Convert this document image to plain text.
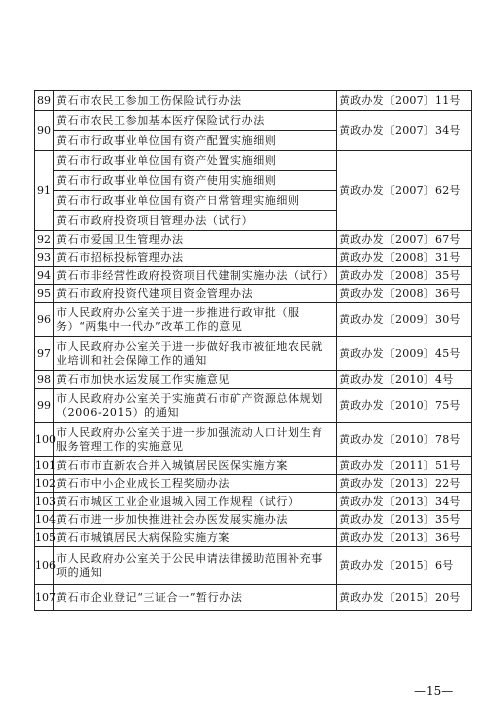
89	黄石市农民工参加工伤保险试行办法	黄政办发〔2007〕11号
90	黄石市农民工参加基本医疗保险试行办法	黄政办发〔2007〕34号
	黄石市行政事业单位国有资产配置实施细则	
91	黄石市行政事业单位国有资产处置实施细则	黄政办发〔2007〕62号
	黄石市行政事业单位国有资产使用实施细则	
	黄石市行政事业单位国有资产日常管理实施细则	
	黄石市政府投资项目管理办法（试行）	
92	黄石市爱国卫生管理办法	黄政办发〔2007〕67号
93	黄石市招标投标管理办法	黄政办发〔2008〕31号
94	黄石市非经营性政府投资项目代建制实施办法（试行）	黄政办发〔2008〕35号
95	黄石市政府投资代建项目资金管理办法	黄政办发〔2008〕36号
96	市人民政府办公室关于进一步推进行政审批（服务）“两集中一代办”改革工作的意见	黄政办发〔2009〕30号
97	市人民政府办公室关于进一步做好我市被征地农民就业培训和社会保障工作的通知	黄政办发〔2009〕45号
98	黄石市加快水运发展工作实施意见	黄政办发〔2010〕4号
99	市人民政府办公室关于实施黄石市矿产资源总体规划（2006-2015）的通知	黄政办发〔2010〕75号
100	市人民政府办公室关于进一步加强流动人口计划生育服务管理工作的实施意见	黄政办发〔2010〕78号
101	黄石市市直新农合并入城镇居民医保实施方案	黄政办发〔2011〕51号
102	黄石市中小企业成长工程奖励办法	黄政办发〔2013〕22号
103	黄石市城区工业企业退城入园工作规程（试行）	黄政办发〔2013〕34号
104	黄石市进一步加快推进社会办医发展实施办法	黄政办发〔2013〕35号
105	黄石市城镇居民大病保险实施方案	黄政办发〔2013〕36号
106	市人民政府办公室关于公民申请法律援助范围补充事项的通知	黄政办发〔2015〕6号
107	黄石市企业登记“三证合一”暂行办法	黄政办发〔2015〕20号
—15—
